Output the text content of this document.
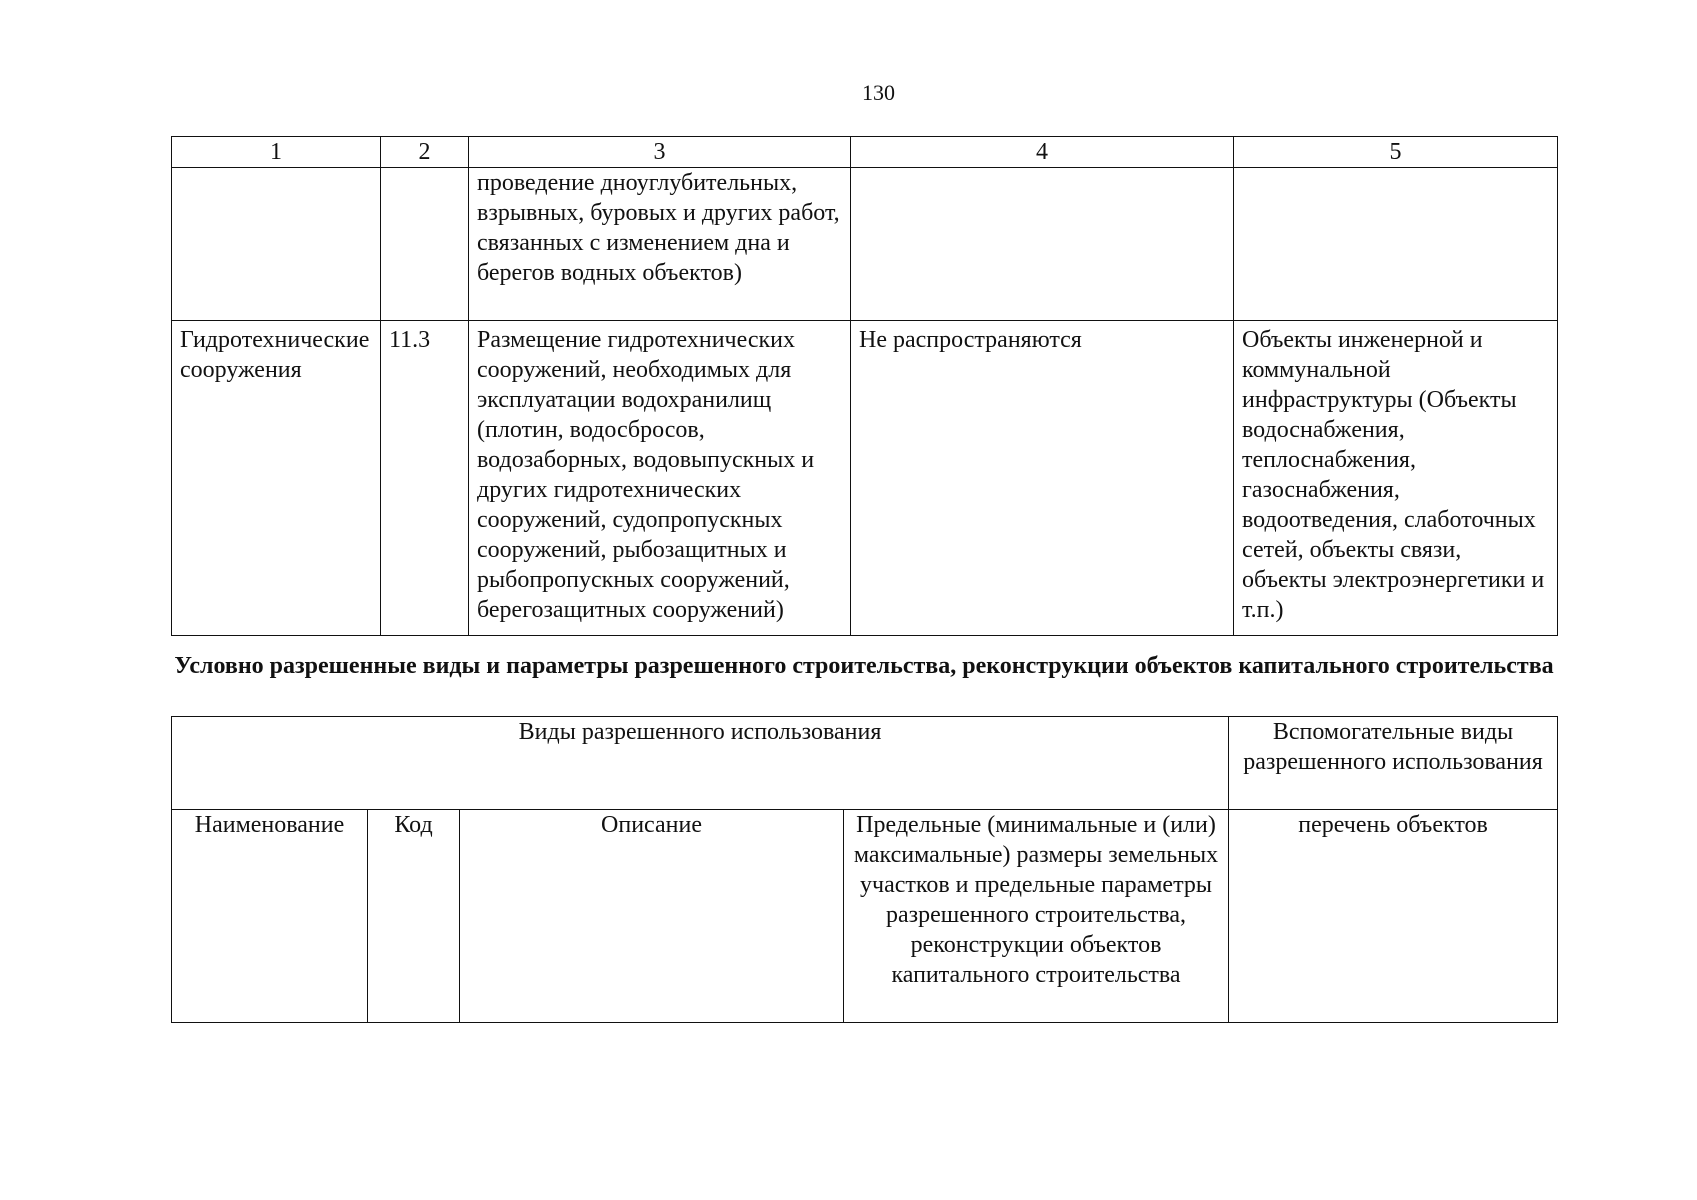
130
1	2	3	4	5
		проведение дноуглубительных, взрывных, буровых и других работ, связанных с изменением дна и берегов водных объектов)		
Гидротехнические сооружения	11.3	Размещение гидротехнических сооружений, необходимых для эксплуатации водохранилищ (плотин, водосбросов, водозаборных, водовыпускных и других гидротехнических сооружений, судопропускных сооружений, рыбозащитных и рыбопропускных сооружений, берегозащитных сооружений)	Не распространяются	Объекты инженерной и коммунальной инфраструктуры (Объекты водоснабжения, теплоснабжения, газоснабжения, водоотведения, слаботочных сетей, объекты связи, объекты электроэнергетики и т.п.)
Условно разрешенные виды и параметры разрешенного строительства, реконструкции объектов капитального строительства
Виды разрешенного использования				Вспомогательные виды разрешенного использования
Наименование	Код	Описание	Предельные (минимальные и (или) максимальные) размеры земельных участков и предельные параметры разрешенного строительства, реконструкции объектов капитального строительства	перечень объектов
